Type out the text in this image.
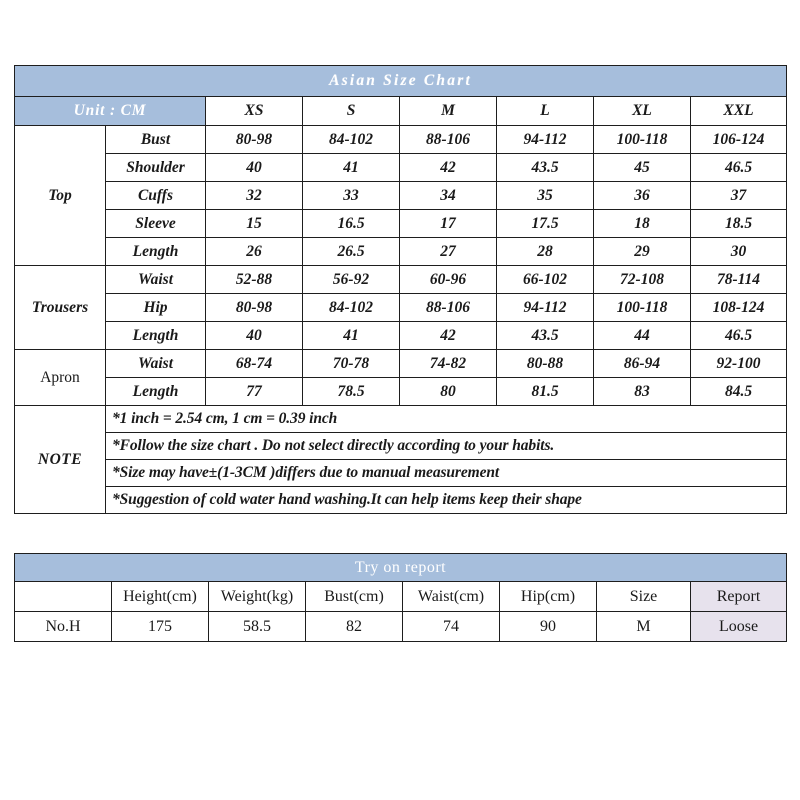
Asian Size Chart							
Unit : CM		XS	S	M	L	XL	XXL
Top	Bust	80-98	84-102	88-106	94-112	100-118	106-124
	Shoulder	40	41	42	43.5	45	46.5
	Cuffs	32	33	34	35	36	37
	Sleeve	15	16.5	17	17.5	18	18.5
	Length	26	26.5	27	28	29	30
Trousers	Waist	52-88	56-92	60-96	66-102	72-108	78-114
	Hip	80-98	84-102	88-106	94-112	100-118	108-124
	Length	40	41	42	43.5	44	46.5
Apron	Waist	68-74	70-78	74-82	80-88	86-94	92-100
	Length	77	78.5	80	81.5	83	84.5
NOTE	*1 inch = 2.54 cm, 1 cm = 0.39 inch						
	*Follow the size chart . Do not select directly according to your habits.						
	*Size may have±(1-3CM )differs due to manual measurement						
	*Suggestion of cold water hand washing.It can help items keep their shape						
Try on report							
	Height(cm)	Weight(kg)	Bust(cm)	Waist(cm)	Hip(cm)	Size	Report
No.H	175	58.5	82	74	90	M	Loose
